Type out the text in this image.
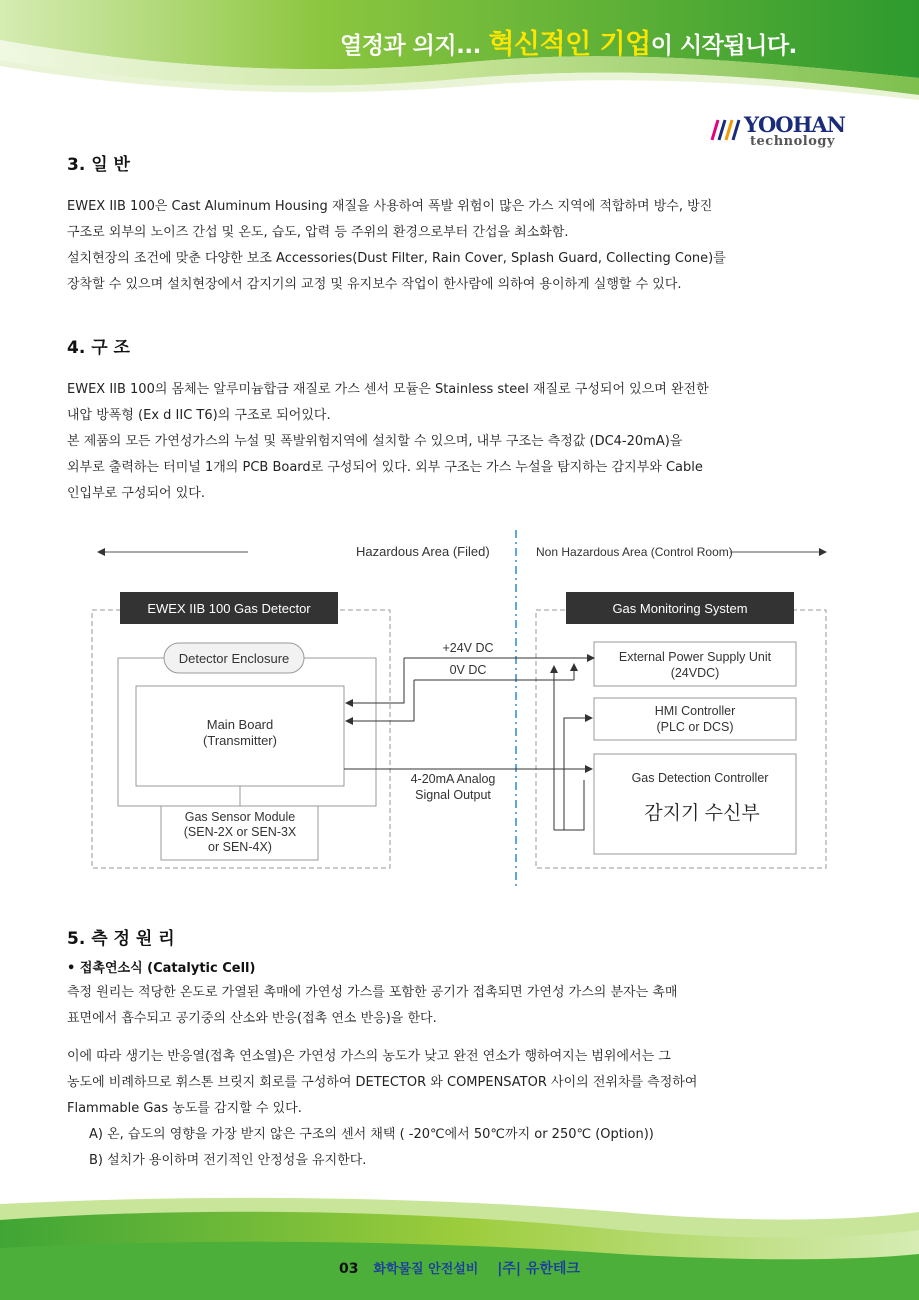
열정과 의지... 혁신적인 기업이 시작됩니다.
YOOHAN
technology
3. 일 반

EWEX IIB 100은 Cast Aluminum Housing 재질을 사용하여 폭발 위험이 많은 가스 지역에 적합하며 방수, 방진

구조로 외부의 노이즈 간섭 및 온도, 습도, 압력 등 주위의 환경으로부터 간섭을 최소화함.

설치현장의 조건에 맞춘 다양한 보조 Accessories(Dust Filter, Rain Cover, Splash Guard, Collecting Cone)를

장착할 수 있으며 설치현장에서 감지기의 교정 및 유지보수 작업이 한사람에 의하여 용이하게 실행할 수 있다.

4. 구 조

EWEX IIB 100의 몸체는 알루미늄합금 재질로 가스 센서 모듈은 Stainless steel 재질로 구성되어 있으며 완전한

내압 방폭형 (Ex d IIC T6)의 구조로 되어있다.

본 제품의 모든 가연성가스의 누설 및 폭발위험지역에 설치할 수 있으며, 내부 구조는 측정값 (DC4-20mA)을

외부로 출력하는 터미널 1개의 PCB Board로 구성되어 있다. 외부 구조는 가스 누설을 탐지하는 감지부와 Cable

인입부로 구성되어 있다.

Hazardous Area (Filed)	Non Hazardous Area (Control Room)
EWEX IIB 100 Gas Detector	Gas Monitoring System
Detector Enclosure
Main Board
(Transmitter)
Gas Sensor Module
(SEN-2X or SEN-3X
or SEN-4X)
External Power Supply Unit
(24VDC)
HMI Controller
(PLC or DCS)
Gas Detection Controller
감지기 수신부
+24V DC
0V DC
4-20mA Analog
Signal Output
5. 측 정 원 리
• 접촉연소식 (Catalytic Cell)

측정 원리는 적당한 온도로 가열된 촉매에 가연성 가스를 포함한 공기가 접촉되면 가연성 가스의 분자는 촉매

표면에서 흡수되고 공기중의 산소와 반응(접촉 연소 반응)을 한다.

이에 따라 생기는 반응열(접촉 연소열)은 가연성 가스의 농도가 낮고 완전 연소가 행하여지는 범위에서는 그

농도에 비례하므로 휘스톤 브릿지 회로를 구성하여 DETECTOR 와 COMPENSATOR 사이의 전위차를 측정하여

Flammable Gas 농도를 감지할 수 있다.

A) 온, 습도의 영향을 가장 받지 않은 구조의 센서 채택 ( -20℃에서 50℃까지 or 250℃ (Option))

B) 설치가 용이하며 전기적인 안정성을 유지한다.

03 화학물질 안전설비 |주| 유한테크
